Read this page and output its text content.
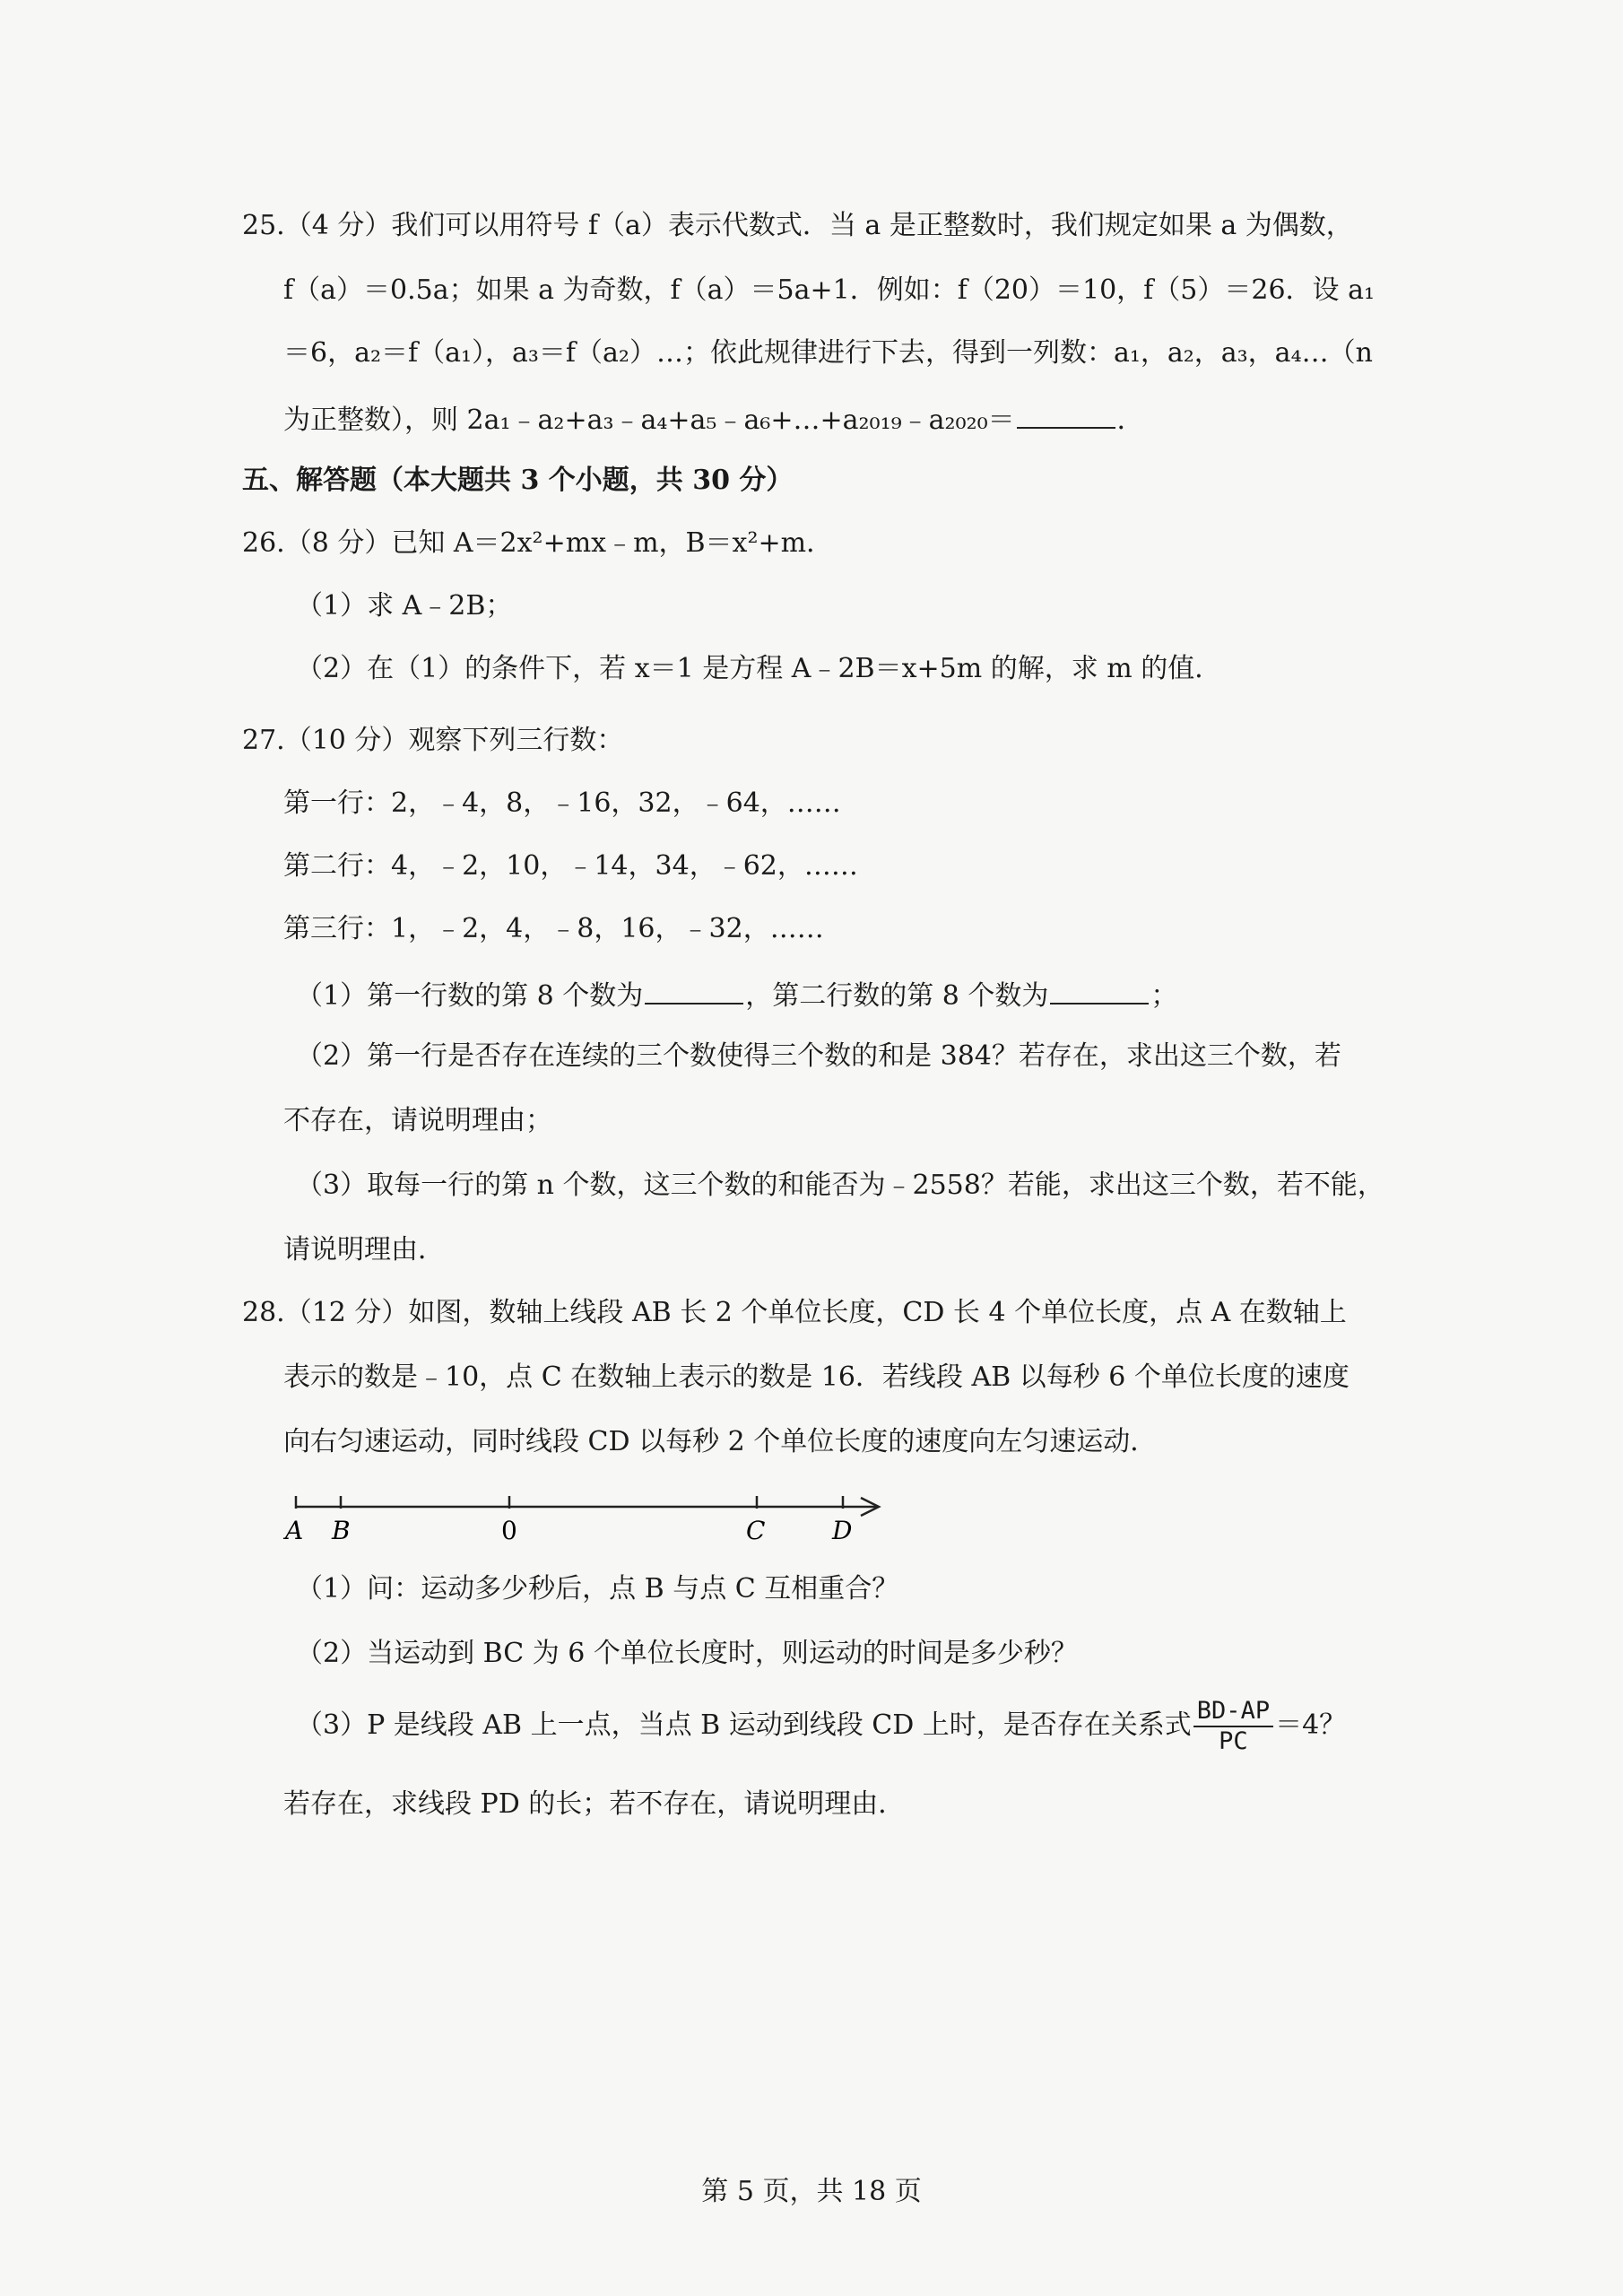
25.（4 分）我们可以用符号 f（a）表示代数式．当 a 是正整数时，我们规定如果 a 为偶数，
f（a）＝0.5a；如果 a 为奇数，f（a）＝5a+1．例如：f（20）＝10，f（5）＝26．设 a₁
＝6，a₂＝f（a₁），a₃＝f（a₂）…；依此规律进行下去，得到一列数：a₁，a₂，a₃，a₄…（n
为正整数），则 2a₁﹣a₂+a₃﹣a₄+a₅﹣a₆+…+a₂₀₁₉﹣a₂₀₂₀＝	．
五、解答题（本大题共 3 个小题，共 30 分）
26.（8 分）已知 A＝2x²+mx﹣m，B＝x²+m．
（1）求 A﹣2B；
（2）在（1）的条件下，若 x＝1 是方程 A﹣2B＝x+5m 的解，求 m 的值．
27.（10 分）观察下列三行数：
第一行：2，﹣4，8，﹣16，32，﹣64，……
第二行：4，﹣2，10，﹣14，34，﹣62，……
第三行：1，﹣2，4，﹣8，16，﹣32，……
（1）第一行数的第 8 个数为	，第二行数的第 8 个数为	；
（2）第一行是否存在连续的三个数使得三个数的和是 384？若存在，求出这三个数，若
不存在，请说明理由；
（3）取每一行的第 n 个数，这三个数的和能否为﹣2558？若能，求出这三个数，若不能，
请说明理由．
28.（12 分）如图，数轴上线段 AB 长 2 个单位长度，CD 长 4 个单位长度，点 A 在数轴上
表示的数是﹣10，点 C 在数轴上表示的数是 16．若线段 AB 以每秒 6 个单位长度的速度
向右匀速运动，同时线段 CD 以每秒 2 个单位长度的速度向左匀速运动．
A B	0	C	D
（1）问：运动多少秒后，点 B 与点 C 互相重合？
（2）当运动到 BC 为 6 个单位长度时，则运动的时间是多少秒？
（3）P 是线段 AB 上一点，当点 B 运动到线段 CD 上时，是否存在关系式 $\frac{BD-AP}{PC} =4$？
若存在，求线段 PD 的长；若不存在，请说明理由．
第 5 页，共 18 页
